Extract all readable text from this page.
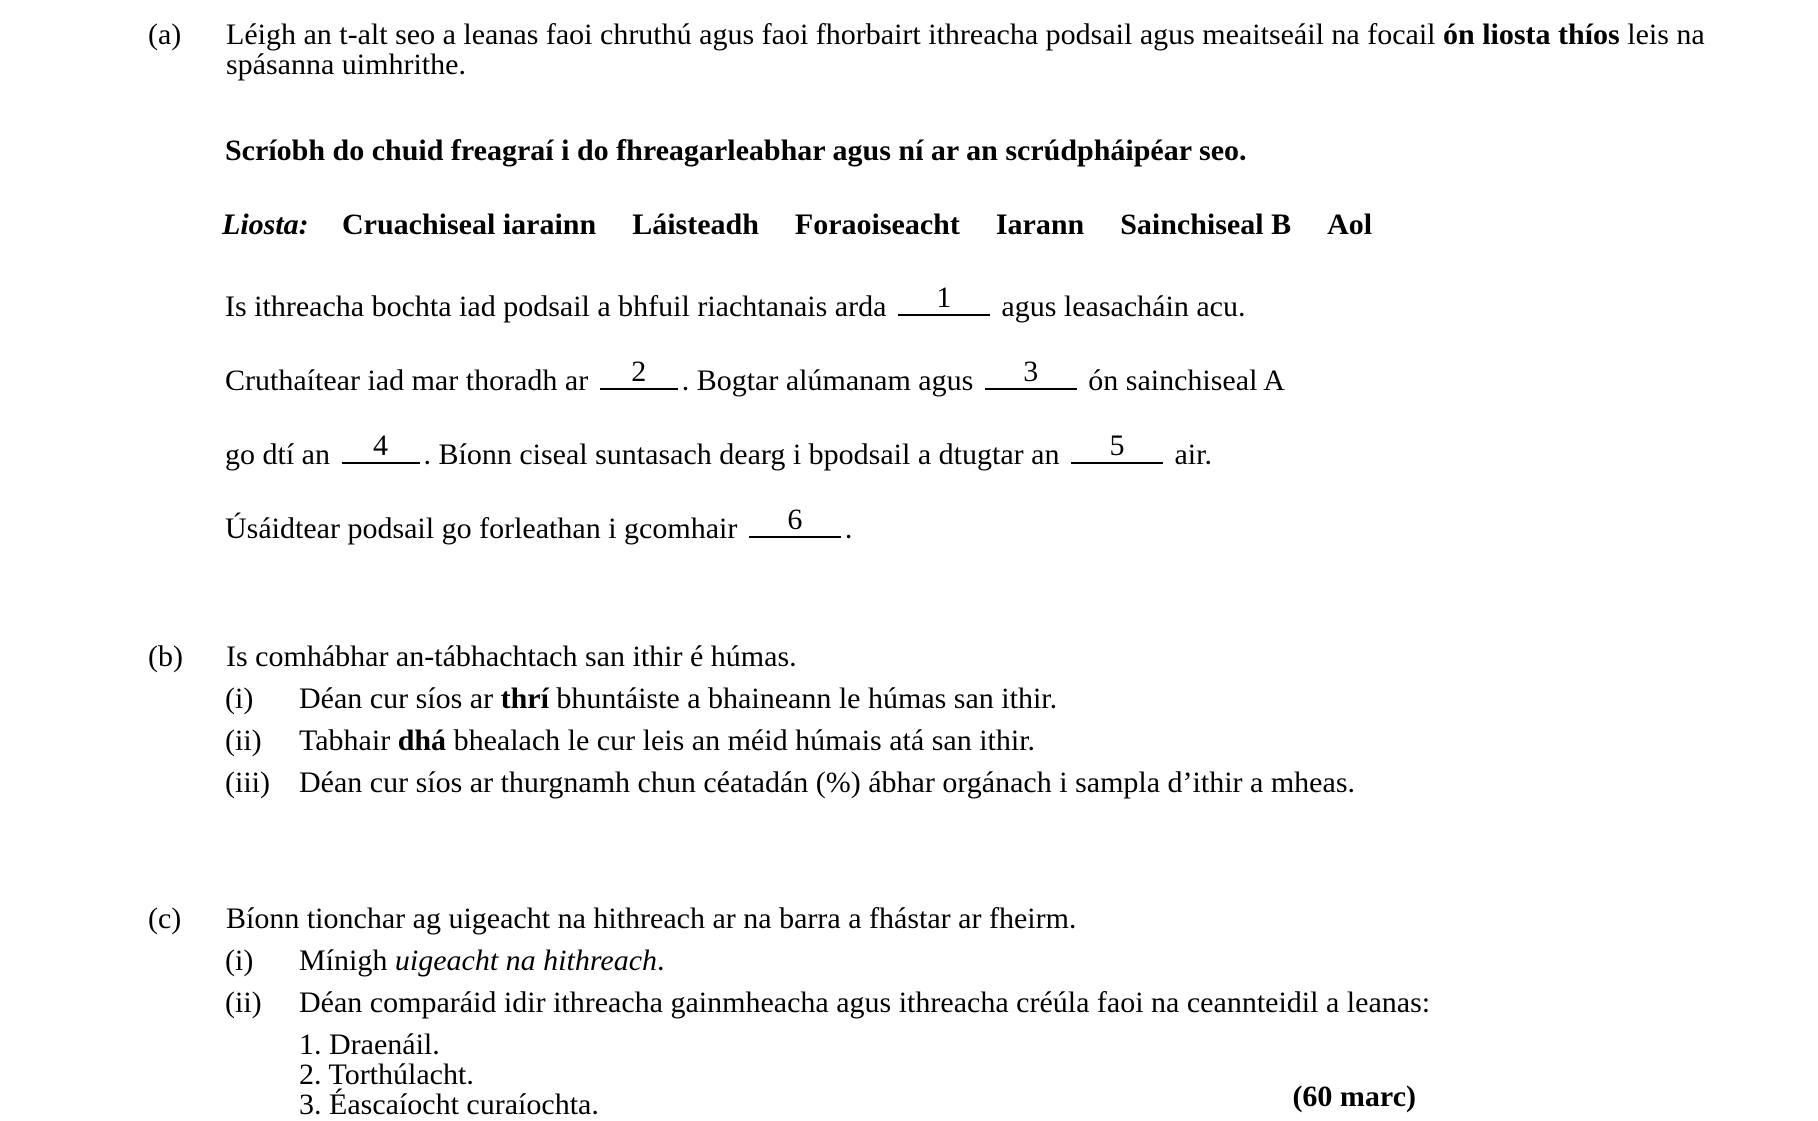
(a)	Léigh an t-alt seo a leanas faoi chruthú agus faoi fhorbairt ithreacha podsail agus meaitseáil na focail ón liosta thíos leis na spásanna uimhrithe.
Scríobh do chuid freagraí i do fhreagarleabhar agus ní ar an scrúdpháipéar seo.
Liosta: Cruachiseal iarainn Láisteadh Foraoiseacht Iarann Sainchiseal B Aol
Is ithreacha bochta iad podsail a bhfuil riachtanais arda	1	agus leasacháin acu.
Cruthaítear iad mar thoradh ar	2	. Bogtar alúmanam agus	3	ón sainchiseal A
go dtí an	4	. Bíonn ciseal suntasach dearg i bpodsail a dtugtar an	5	air.
Úsáidtear podsail go forleathan i gcomhair	6	.
(b)	Is comhábhar an-tábhachtach san ithir é húmas.
(i)	Déan cur síos ar thrí bhuntáiste a bhaineann le húmas san ithir.
(ii)	Tabhair dhá bhealach le cur leis an méid húmais atá san ithir.
(iii) Déan cur síos ar thurgnamh chun céatadán (%) ábhar orgánach i sampla d’ithir a mheas.
(c)	Bíonn tionchar ag uigeacht na hithreach ar na barra a fhástar ar fheirm.
(i)	Mínigh uigeacht na hithreach.
(ii)	Déan comparáid idir ithreacha gainmheacha agus ithreacha créúla faoi na ceannteidil a leanas:
1. Draenáil.
2. Torthúlacht.
3. Éascaíocht curaíochta.	(60 marc)
